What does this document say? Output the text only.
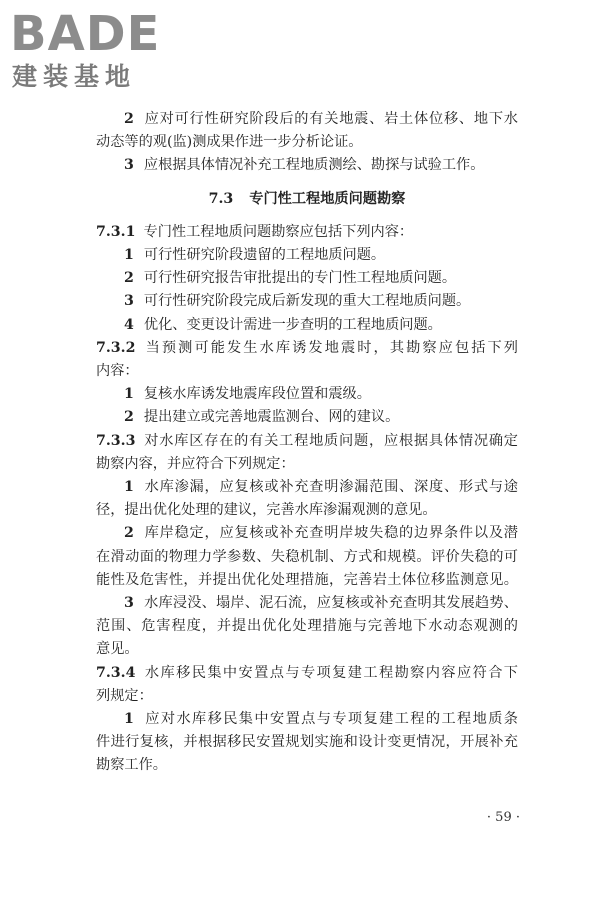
BADE
建装基地
2 应对可行性研究阶段后的有关地震、岩土体位移、地下水
动态等的观(监)测成果作进一步分析论证。
3 应根据具体情况补充工程地质测绘、勘探与试验工作。
7.3 专门性工程地质问题勘察
7.3.1 专门性工程地质问题勘察应包括下列内容：
1 可行性研究阶段遗留的工程地质问题。
2 可行性研究报告审批提出的专门性工程地质问题。
3 可行性研究阶段完成后新发现的重大工程地质问题。
4 优化、变更设计需进一步查明的工程地质问题。
7.3.2 当预测可能发生水库诱发地震时，其勘察应包括下列
内容：
1 复核水库诱发地震库段位置和震级。
2 提出建立或完善地震监测台、网的建议。
7.3.3 对水库区存在的有关工程地质问题，应根据具体情况确定
勘察内容，并应符合下列规定：
1 水库渗漏，应复核或补充查明渗漏范围、深度、形式与途
径，提出优化处理的建议，完善水库渗漏观测的意见。
2 库岸稳定，应复核或补充查明岸坡失稳的边界条件以及潜
在滑动面的物理力学参数、失稳机制、方式和规模。评价失稳的可
能性及危害性，并提出优化处理措施，完善岩土体位移监测意见。
3 水库浸没、塌岸、泥石流，应复核或补充查明其发展趋势、
范围、危害程度，并提出优化处理措施与完善地下水动态观测的
意见。
7.3.4 水库移民集中安置点与专项复建工程勘察内容应符合下
列规定：
1 应对水库移民集中安置点与专项复建工程的工程地质条
件进行复核，并根据移民安置规划实施和设计变更情况，开展补充
勘察工作。
· 59 ·
